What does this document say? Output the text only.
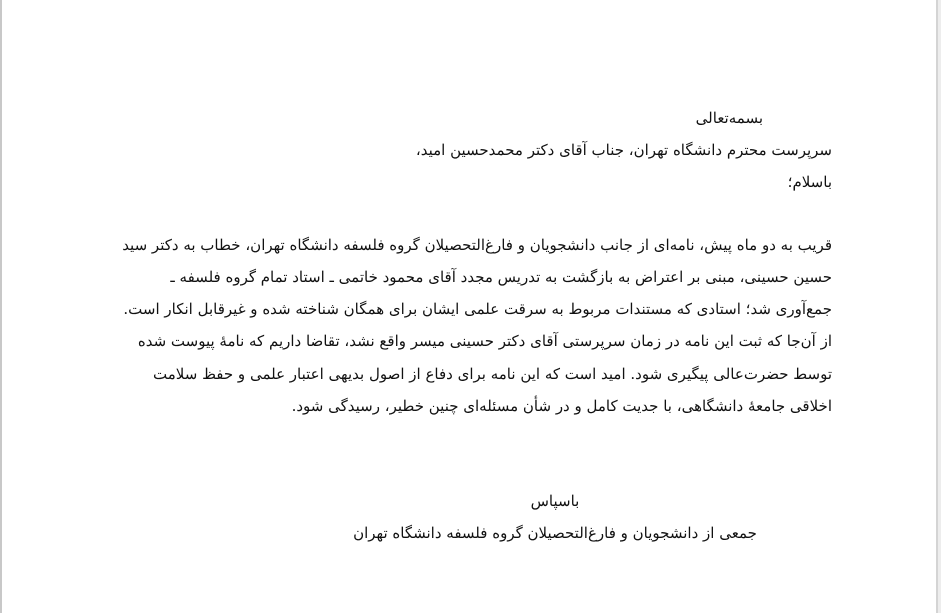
بسمه‌تعالی
سرپرست محترم دانشگاه تهران، جناب آقای دکتر محمدحسین امید،
باسلام؛
قریب به دو ماه پیش، نامه‌ای از جانب دانشجویان و فارغ‌التحصیلان گروه فلسفه دانشگاه تهران، خطاب به دکتر سید
حسین حسینی، مبنی بر اعتراض به بازگشت به تدریس مجدد آقای محمود خاتمی ـ استاد تمام گروه فلسفه ـ
جمع‌آوری شد؛ استادی که مستندات مربوط به سرقت علمی ایشان برای همگان شناخته شده و غیرقابل انکار است.
از آن‌جا که ثبت این نامه در زمان سرپرستی آقای دکتر حسینی میسر واقع نشد، تقاضا داریم که نامهٔ پیوست شده
توسط حضرت‌عالی پیگیری شود. امید است که این نامه برای دفاع از اصول بدیهی اعتبار علمی و حفظ سلامت
اخلاقی جامعهٔ دانشگاهی، با جدیت کامل و در شأن مسئله‌ای چنین خطیر، رسیدگی شود.
باسپاس
جمعی از دانشجویان و فارغ‌التحصیلان گروه فلسفه دانشگاه تهران
